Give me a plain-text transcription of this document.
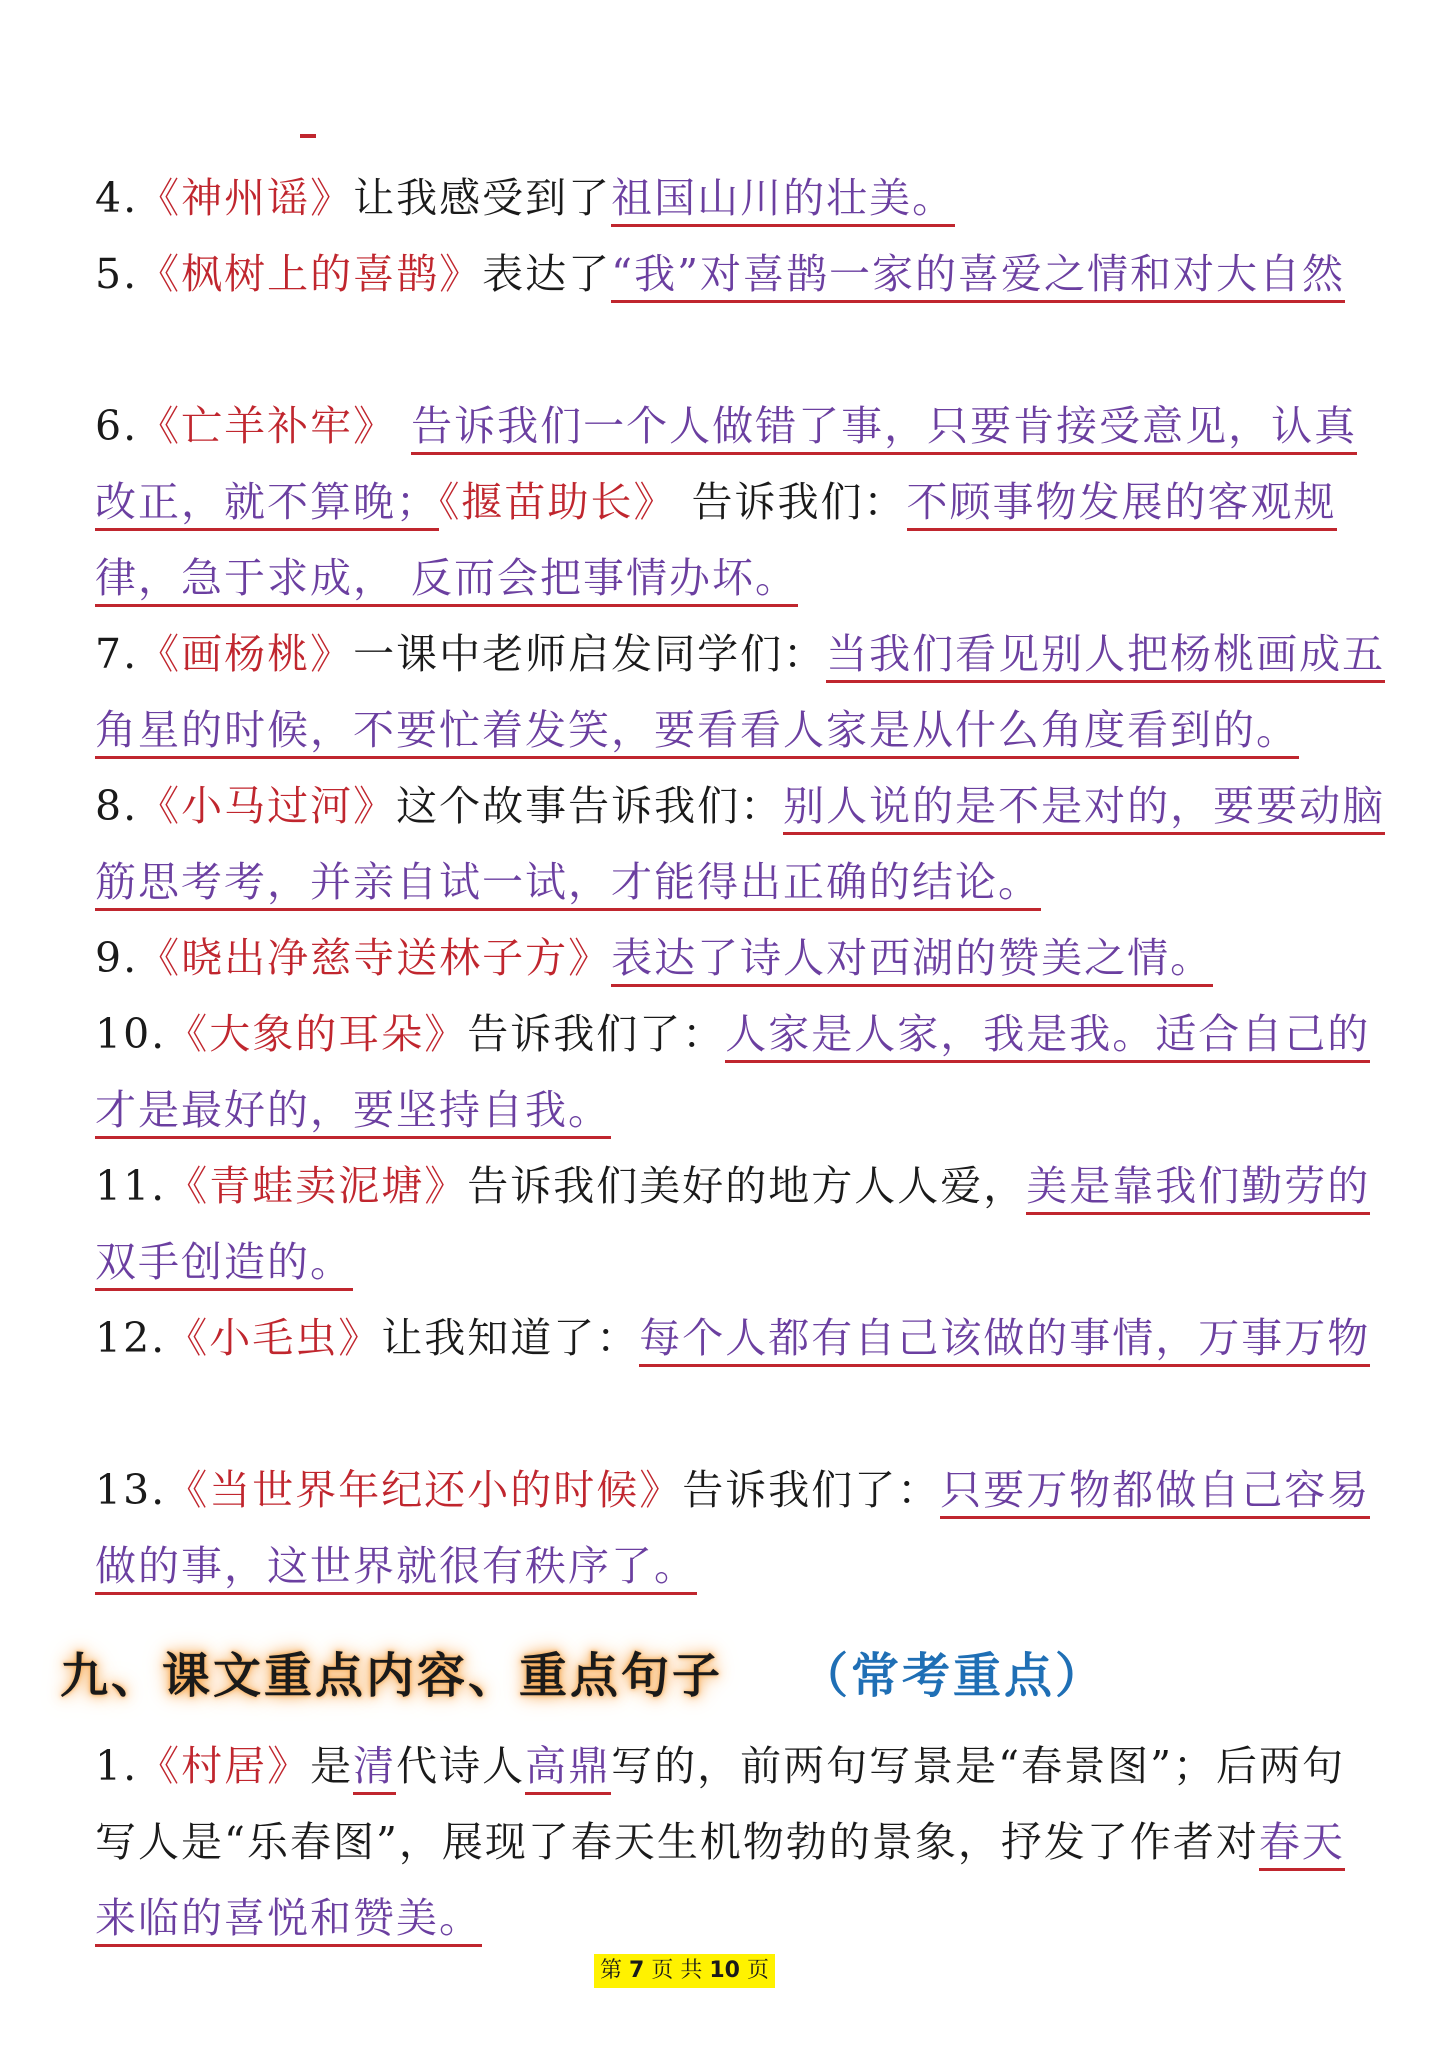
4.《神州谣》让我感受到了祖国山川的壮美。
5.《枫树上的喜鹊》表达了“我”对喜鹊一家的喜爱之情和对大自然
6.《亡羊补牢》 告诉我们一个人做错了事，只要肯接受意见，认真
改正，就不算晚；《揠苗助长》 告诉我们：不顾事物发展的客观规
律，急于求成， 反而会把事情办坏。
7.《画杨桃》一课中老师启发同学们：当我们看见别人把杨桃画成五
角星的时候，不要忙着发笑，要看看人家是从什么角度看到的。
8.《小马过河》这个故事告诉我们：别人说的是不是对的，要要动脑
筋思考考，并亲自试一试，才能得出正确的结论。
9.《晓出净慈寺送林子方》表达了诗人对西湖的赞美之情。
10.《大象的耳朵》告诉我们了：人家是人家，我是我。适合自己的
才是最好的，要坚持自我。
11.《青蛙卖泥塘》告诉我们美好的地方人人爱，美是靠我们勤劳的
双手创造的。
12.《小毛虫》让我知道了：每个人都有自己该做的事情，万事万物
13.《当世界年纪还小的时候》告诉我们了：只要万物都做自己容易
做的事，这世界就很有秩序了。
九、课文重点内容、重点句子 （常考重点）
1.《村居》是清代诗人高鼎写的，前两句写景是“春景图”；后两句
写人是“乐春图”，展现了春天生机物勃的景象，抒发了作者对春天
来临的喜悦和赞美。
第 7 页 共 10 页
